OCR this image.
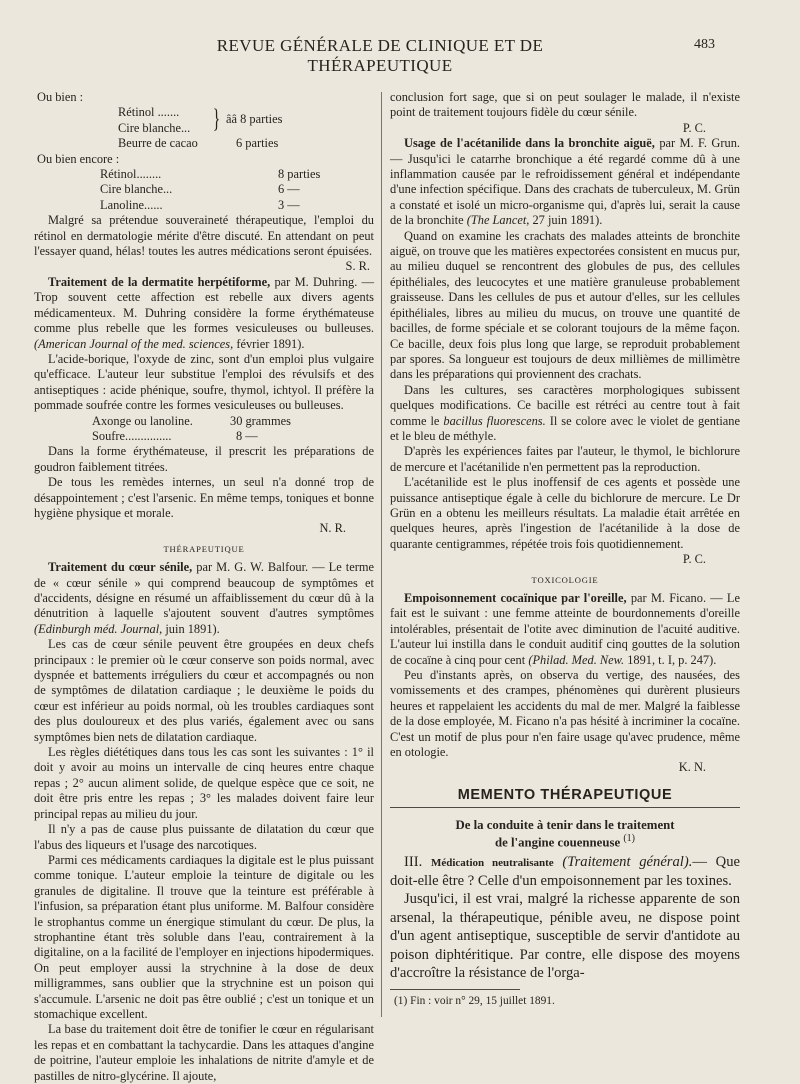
REVUE GÉNÉRALE DE CLINIQUE ET DE THÉRAPEUTIQUE
483
Ou bien :
Rétinol .......
Cire blanche... } ââ 8 parties
Beurre de cacao	6 parties
Ou bien encore :
Rétinol........	8 parties
Cire blanche...	6 —
Lanoline......	3 —

Malgré sa prétendue souveraineté thérapeutique, l'emploi du rétinol en dermatologie mérite d'être discuté. En attendant on peut l'essayer quand, hélas! toutes les autres médications seront épuisées.

S. R.

Traitement de la dermatite herpétiforme, par M. Duhring. — Trop souvent cette affection est rebelle aux divers agents médicamenteux. M. Duhring considère la forme érythémateuse comme plus rebelle que les formes vesiculeuses ou bulleuses. (American Journal of the med. sciences, février 1891).

L'acide-borique, l'oxyde de zinc, sont d'un emploi plus vulgaire qu'efficace. L'auteur leur substitue l'emploi des révulsifs et des antiseptiques : acide phénique, soufre, thymol, ichtyol. Il préfère la pommade soufrée contre les formes vesiculeuses ou bulleuses.

Axonge ou lanoline.	30 grammes
Soufre...............	8 —

Dans la forme érythémateuse, il prescrit les préparations de goudron faiblement titrées.

De tous les remèdes internes, un seul n'a donné trop de désappointement ; c'est l'arsenic. En même temps, toniques et bonne hygiène physique et morale.

N. R.
THÉRAPEUTIQUE

Traitement du cœur sénile, par M. G. W. Balfour. — Le terme de « cœur sénile » qui comprend beaucoup de symptômes et d'accidents, désigne en résumé un affaiblissement du cœur dû à la dénutrition à laquelle s'ajoutent souvent d'autres symptômes (Edinburgh méd. Journal, juin 1891).

Les cas de cœur sénile peuvent être groupées en deux chefs principaux : le premier où le cœur conserve son poids normal, avec dyspnée et battements irréguliers du cœur et accompagnés ou non de symptômes de dilatation cardiaque ; le deuxième le poids du cœur est inférieur au poids normal, où les troubles cardiaques sont des plus douloureux et des plus variés, également avec ou sans symptômes bien nets de dilatation cardiaque.

Les règles diététiques dans tous les cas sont les suivantes : 1° il doit y avoir au moins un intervalle de cinq heures entre chaque repas ; 2° aucun aliment solide, de quelque espèce que ce soit, ne doit être pris entre les repas ; 3° les malades doivent faire leur principal repas au milieu du jour.

Il n'y a pas de cause plus puissante de dilatation du cœur que l'abus des liqueurs et l'usage des narcotiques.

Parmi ces médicaments cardiaques la digitale est le plus puissant comme tonique. L'auteur emploie la teinture de digitale ou les granules de digitaline. Il trouve que la teinture est préférable à l'infusion, sa préparation étant plus uniforme. M. Balfour considère le strophantus comme un énergique stimulant du cœur. De plus, la strophantine étant très soluble dans l'eau, contrairement à la digitaline, on a la facilité de l'employer en injections hipodermiques. On peut employer aussi la strychnine à la dose de deux milligrammes, sans oublier que la strychnine est un poison qui s'accumule. L'arsenic ne doit pas être oublié ; c'est un tonique et un stomachique excellent.

La base du traitement doit être de tonifier le cœur en régularisant les repas et en combattant la tachycardie. Dans les attaques d'angine de poitrine, l'auteur emploie les inhalations de nitrite d'amyle et de pastilles de nitro-glycérine. Il ajoute,

conclusion fort sage, que si on peut soulager le malade, il n'existe point de traitement toujours fidèle du cœur sénile.

P. C.

Usage de l'acétanilide dans la bronchite aiguë, par M. F. Grun. — Jusqu'ici le catarrhe bronchique a été regardé comme dû à une inflammation causée par le refroidissement général et indépendante d'une infection spécifique. Dans des crachats de tuberculeux, M. Grün a constaté et isolé un micro-organisme qui, d'après lui, serait la cause de la bronchite (The Lancet, 27 juin 1891).

Quand on examine les crachats des malades atteints de bronchite aiguë, on trouve que les matières expectorées consistent en mucus pur, au milieu duquel se rencontrent des globules de pus, des cellules épithéliales, des leucocytes et une matière granuleuse probablement graisseuse. Dans les cellules de pus et autour d'elles, sur les cellules épithéliales, libres au milieu du mucus, on trouve une quantité de bacilles, de forme spéciale et se colorant toujours de la même façon. Ce bacille, deux fois plus long que large, se reproduit probablement par spores. Sa longueur est toujours de deux millièmes de millimètre dans les préparations qui proviennent des crachats.

Dans les cultures, ses caractères morphologiques subissent quelques modifications. Ce bacille est rétréci au centre tout à fait comme le bacillus fluorescens. Il se colore avec le violet de gentiane et le bleu de méthyle.

D'après les expériences faites par l'auteur, le thymol, le bichlorure de mercure et l'acétanilide n'en permettent pas la reproduction.

L'acétanilide est le plus inoffensif de ces agents et possède une puissance antiseptique égale à celle du bichlorure de mercure. Le Dr Grün en a obtenu les meilleurs résultats. La maladie était arrêtée en quelques heures, après l'ingestion de l'acétanilide à la dose de quarante centigrammes, répétée trois fois quotidiennement.

P. C.
TOXICOLOGIE

Empoisonnement cocaïnique par l'oreille, par M. Ficano. — Le fait est le suivant : une femme atteinte de bourdonnements d'oreille intolérables, présentait de l'otite avec diminution de l'acuité auditive. L'auteur lui instilla dans le conduit auditif cinq gouttes de la solution de cocaïne à cinq pour cent (Philad. Med. New. 1891, t. I, p. 247).

Peu d'instants après, on observa du vertige, des nausées, des vomissements et des crampes, phénomènes qui durèrent plusieurs heures et rappelaient les accidents du mal de mer. Malgré la faiblesse de la dose employée, M. Ficano n'a pas hésité à incriminer la cocaïne. C'est un motif de plus pour n'en faire usage qu'avec prudence, même en otologie.

K. N.
MEMENTO THÉRAPEUTIQUE
De la conduite à tenir dans le traitement
de l'angine couenneuse $^{(1)}$

III. Médication neutralisante (Traitement général).— Que doit-elle être ? Celle d'un empoisonnement par les toxines.

Jusqu'ici, il est vrai, malgré la richesse apparente de son arsenal, la thérapeutique, pénible aveu, ne dispose point d'un agent antiseptique, susceptible de servir d'antidote au poison diphtéritique. Par contre, elle dispose des moyens d'accroître la résistance de l'orga-

(1) Fin : voir n° 29, 15 juillet 1891.
